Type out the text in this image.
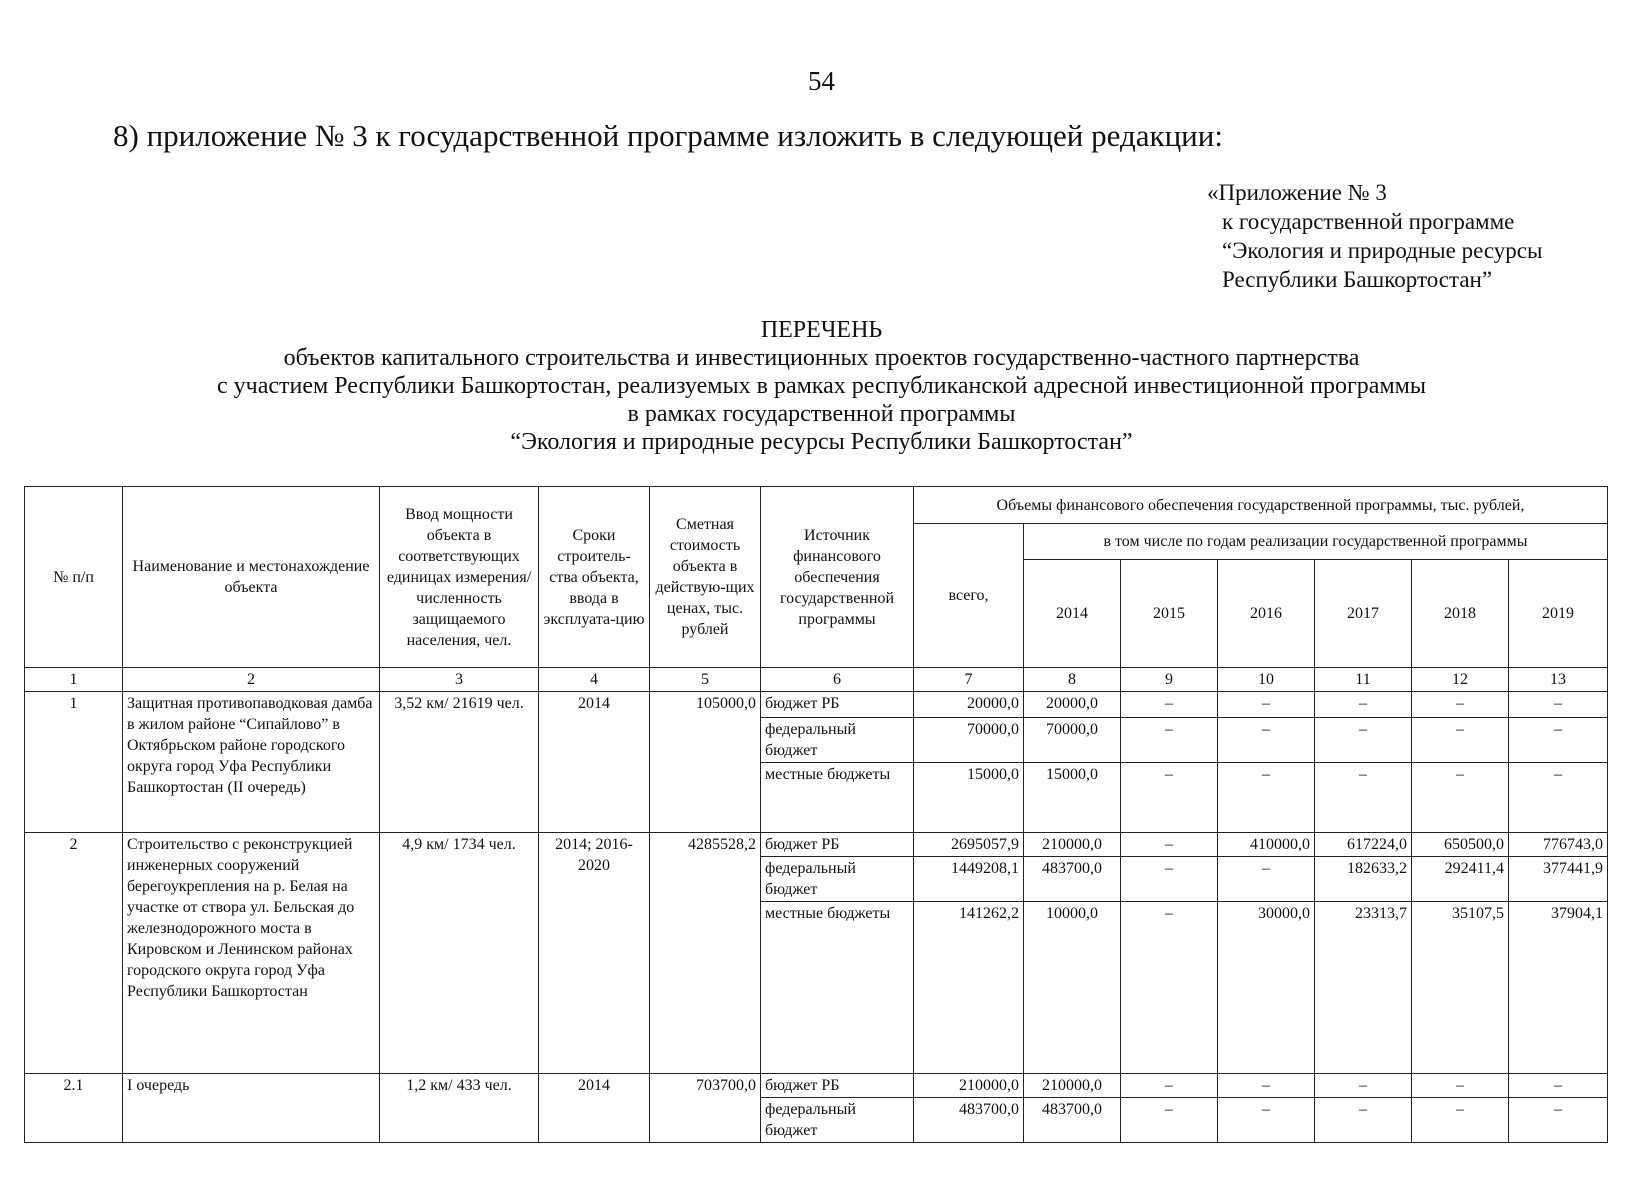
54
8) приложение № 3 к государственной программе изложить в следующей редакции:
«Приложение № 3
к государственной программе
“Экология и природные ресурсы
Республики Башкортостан”
ПЕРЕЧЕНЬ
объектов капитального строительства и инвестиционных проектов государственно-частного партнерства
с участием Республики Башкортостан, реализуемых в рамках республиканской адресной инвестиционной программы
в рамках государственной программы
“Экология и природные ресурсы Республики Башкортостан”
№ п/п	Наименование и местонахождение объекта	Ввод мощности объекта в соответствующих единицах измерения/ численность защищаемого населения, чел.	Сроки строитель-ства объекта, ввода в эксплуата-цию	Сметная стоимость объекта в действую-щих ценах, тыс. рублей	Источник финансового обеспечения государственной программы	Объемы финансового обеспечения государственной программы, тыс. рублей,						
						всего,	в том числе по годам реализации государственной программы					
							2014	2015	2016	2017	2018	2019
1	2	3	4	5	6	7	8	9	10	11	12	13
1	Защитная противопаводковая дамба в жилом районе “Сипайлово” в Октябрьском районе городского округа город Уфа Республики Башкортостан (II очередь)	3,52 км/ 21619 чел.	2014	105000,0	бюджет РБ	20000,0	20000,0	–	–	–	–	–
					федеральный бюджет	70000,0	70000,0	–	–	–	–	–
					местные бюджеты	15000,0	15000,0	–	–	–	–	–
2	Строительство с реконструкцией инженерных сооружений берегоукрепления на р. Белая на участке от створа ул. Бельская до железнодорожного моста в Кировском и Ленинском районах городского округа город Уфа Республики Башкортостан	4,9 км/ 1734 чел.	2014; 2016-2020	4285528,2	бюджет РБ	2695057,9	210000,0	–	410000,0	617224,0	650500,0	776743,0
					федеральный бюджет	1449208,1	483700,0	–	–	182633,2	292411,4	377441,9
					местные бюджеты	141262,2	10000,0	–	30000,0	23313,7	35107,5	37904,1
2.1	I очередь	1,2 км/ 433 чел.	2014	703700,0	бюджет РБ	210000,0	210000,0	–	–	–	–	–
					федеральный бюджет	483700,0	483700,0	–	–	–	–	–
